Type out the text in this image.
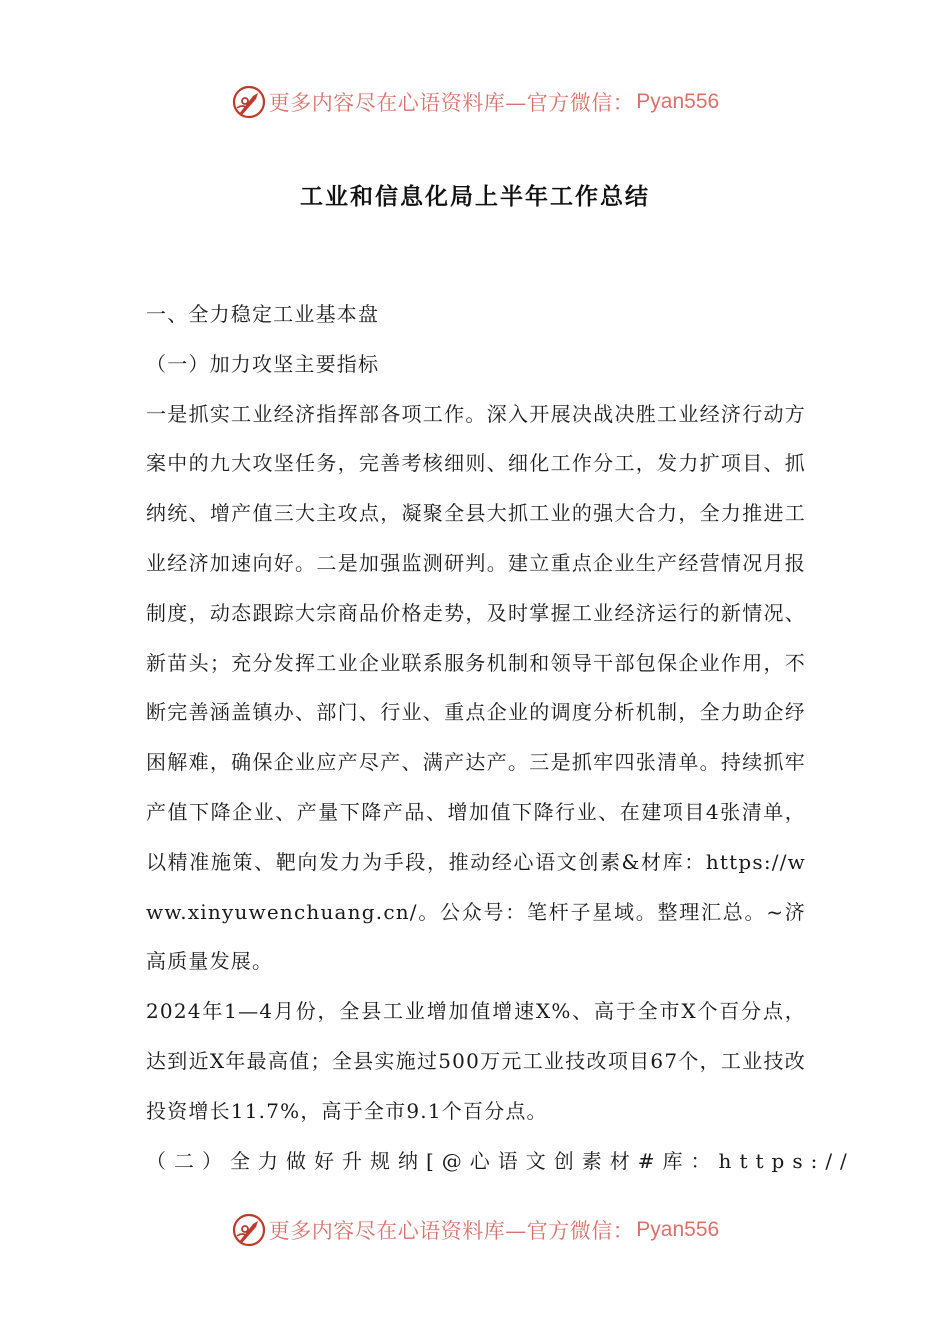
更多内容尽在心语资料库—官方微信： Pyan556
工业和信息化局上半年工作总结

一、全力稳定工业基本盘

（一）加力攻坚主要指标

一是抓实工业经济指挥部各项工作。深入开展决战决胜工业经济行动方案中的九大攻坚任务，完善考核细则、细化工作分工，发力扩项目、抓纳统、增产值三大主攻点，凝聚全县大抓工业的强大合力，全力推进工业经济加速向好。二是加强监测研判。建立重点企业生产经营情况月报制度，动态跟踪大宗商品价格走势，及时掌握工业经济运行的新情况、新苗头；充分发挥工业企业联系服务机制和领导干部包保企业作用，不断完善涵盖镇办、部门、行业、重点企业的调度分析机制，全力助企纾困解难，确保企业应产尽产、满产达产。三是抓牢四张清单。持续抓牢产值下降企业、产量下降产品、增加值下降行业、在建项目4张清单，以精准施策、靶向发力为手段，推动经心语文创素&材库：https://www.xinyuwenchuang.cn/。公众号：笔杆子星域。整理汇总。~济高质量发展。

2024年1—4月份，全县工业增加值增速X%、高于全市X个百分点，达到近X年最高值；全县实施过500万元工业技改项目67个，工业技改投资增长11.7%，高于全市9.1个百分点。

（二）全力做好升规纳[@心语文创素材#库：https://

更多内容尽在心语资料库—官方微信： Pyan556
